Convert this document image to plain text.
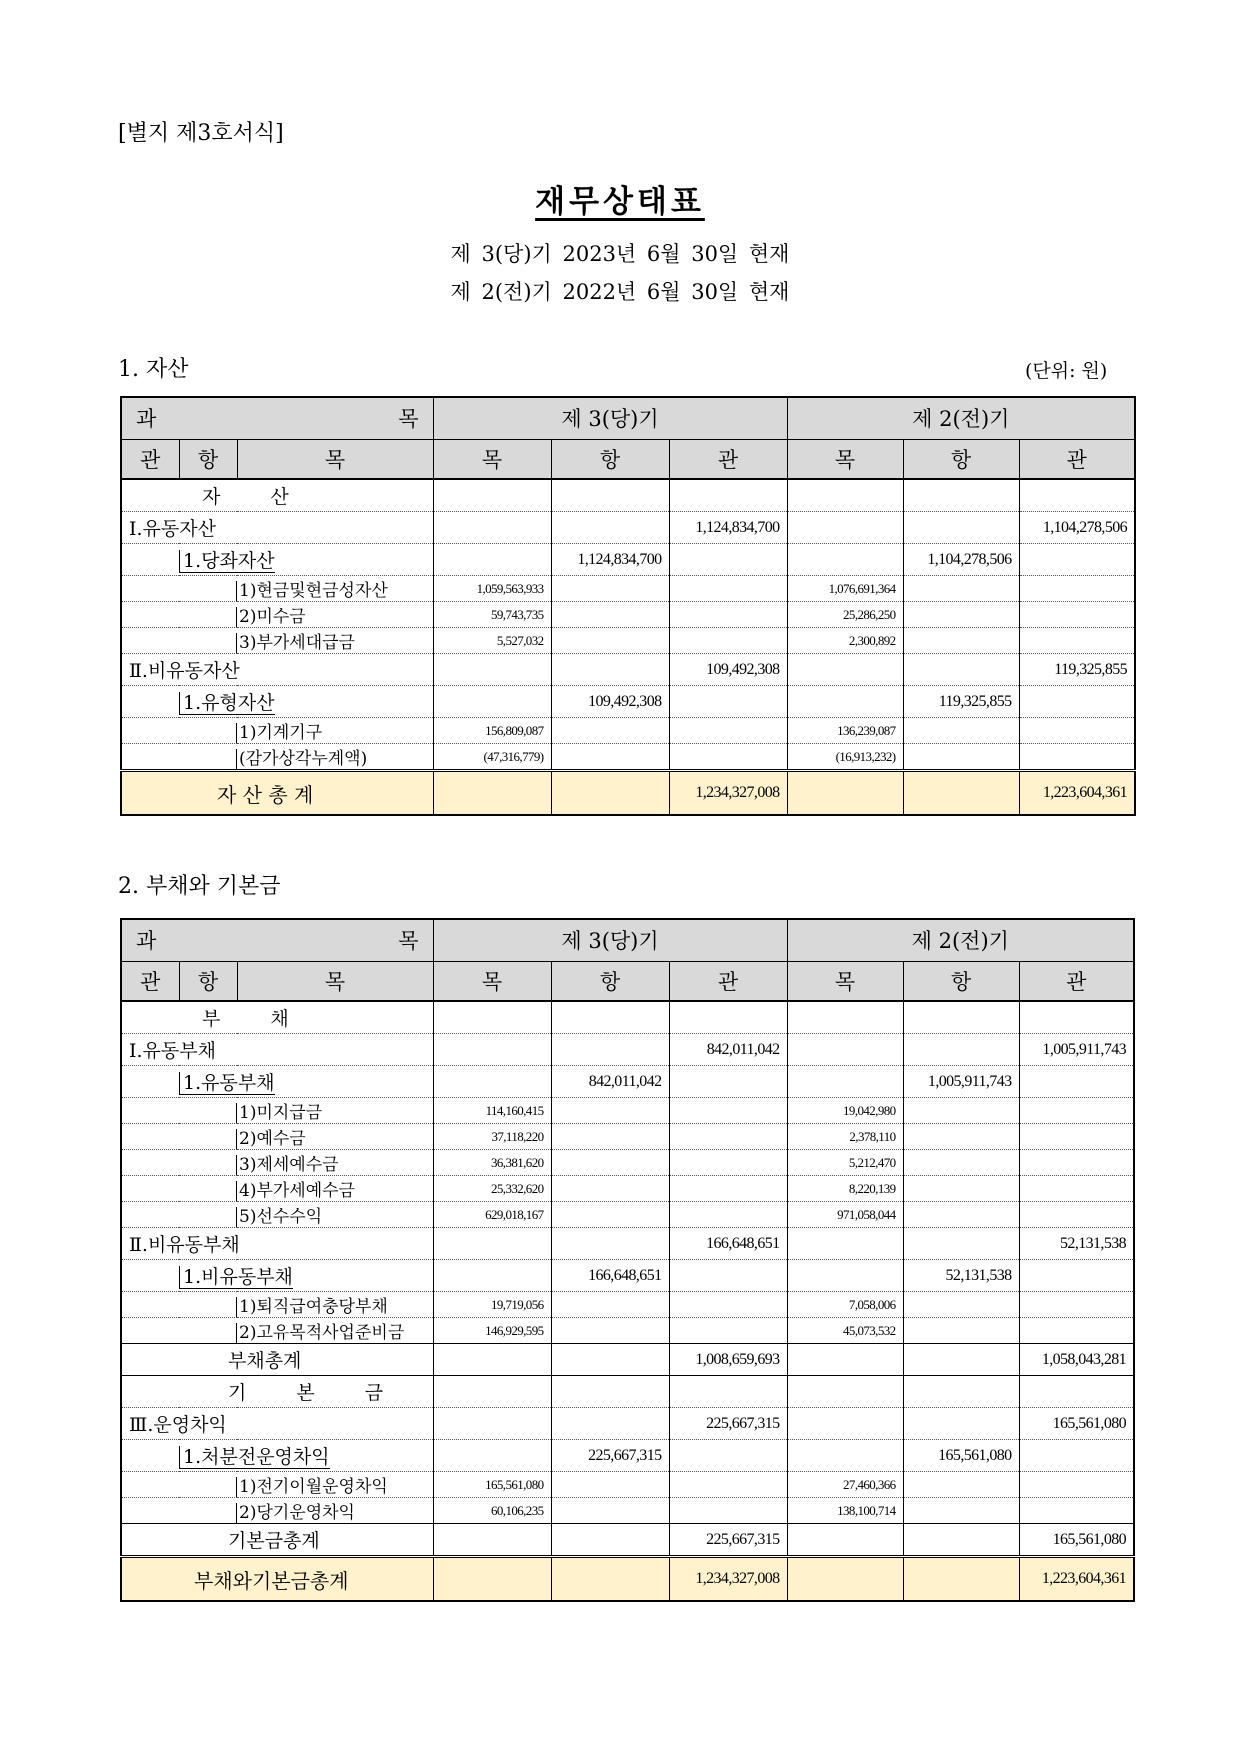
[별지 제3호서식]
재무상태표
제 3(당)기 2023년 6월 30일 현재
제 2(전)기 2022년 6월 30일 현재
1. 자산	(단위: 원)
2. 부채와 기본금
과 목			제 3(당)기			제 2(전)기		
관	항	목	목	항	관	목	항	관
자 산								
Ⅰ.유동자산					1,124,834,700			1,104,278,506
1.당좌자산				1,124,834,700			1,104,278,506	
1)현금및현금성자산			1,059,563,933			1,076,691,364		
2)미수금			59,743,735			25,286,250		
3)부가세대급금			5,527,032			2,300,892		
Ⅱ.비유동자산					109,492,308			119,325,855
1.유형자산				109,492,308			119,325,855	
1)기계기구			156,809,087			136,239,087		
(감가상각누계액)			(47,316,779)			(16,913,232)		
자 산 총 계					1,234,327,008			1,223,604,361
과 목			제 3(당)기			제 2(전)기		
관	항	목	목	항	관	목	항	관
부 채								
Ⅰ.유동부채					842,011,042			1,005,911,743
1.유동부채				842,011,042			1,005,911,743	
1)미지급금			114,160,415			19,042,980		
2)예수금			37,118,220			2,378,110		
3)제세예수금			36,381,620			5,212,470		
4)부가세예수금			25,332,620			8,220,139		
5)선수수익			629,018,167			971,058,044		
Ⅱ.비유동부채					166,648,651			52,131,538
1.비유동부채				166,648,651			52,131,538	
1)퇴직급여충당부채			19,719,056			7,058,006		
2)고유목적사업준비금			146,929,595			45,073,532		
부채총계					1,008,659,693			1,058,043,281
기 본 금								
Ⅲ.운영차익					225,667,315			165,561,080
1.처분전운영차익				225,667,315			165,561,080	
1)전기이월운영차익			165,561,080			27,460,366		
2)당기운영차익			60,106,235			138,100,714		
기본금총계					225,667,315			165,561,080
부채와기본금총계					1,234,327,008			1,223,604,361
